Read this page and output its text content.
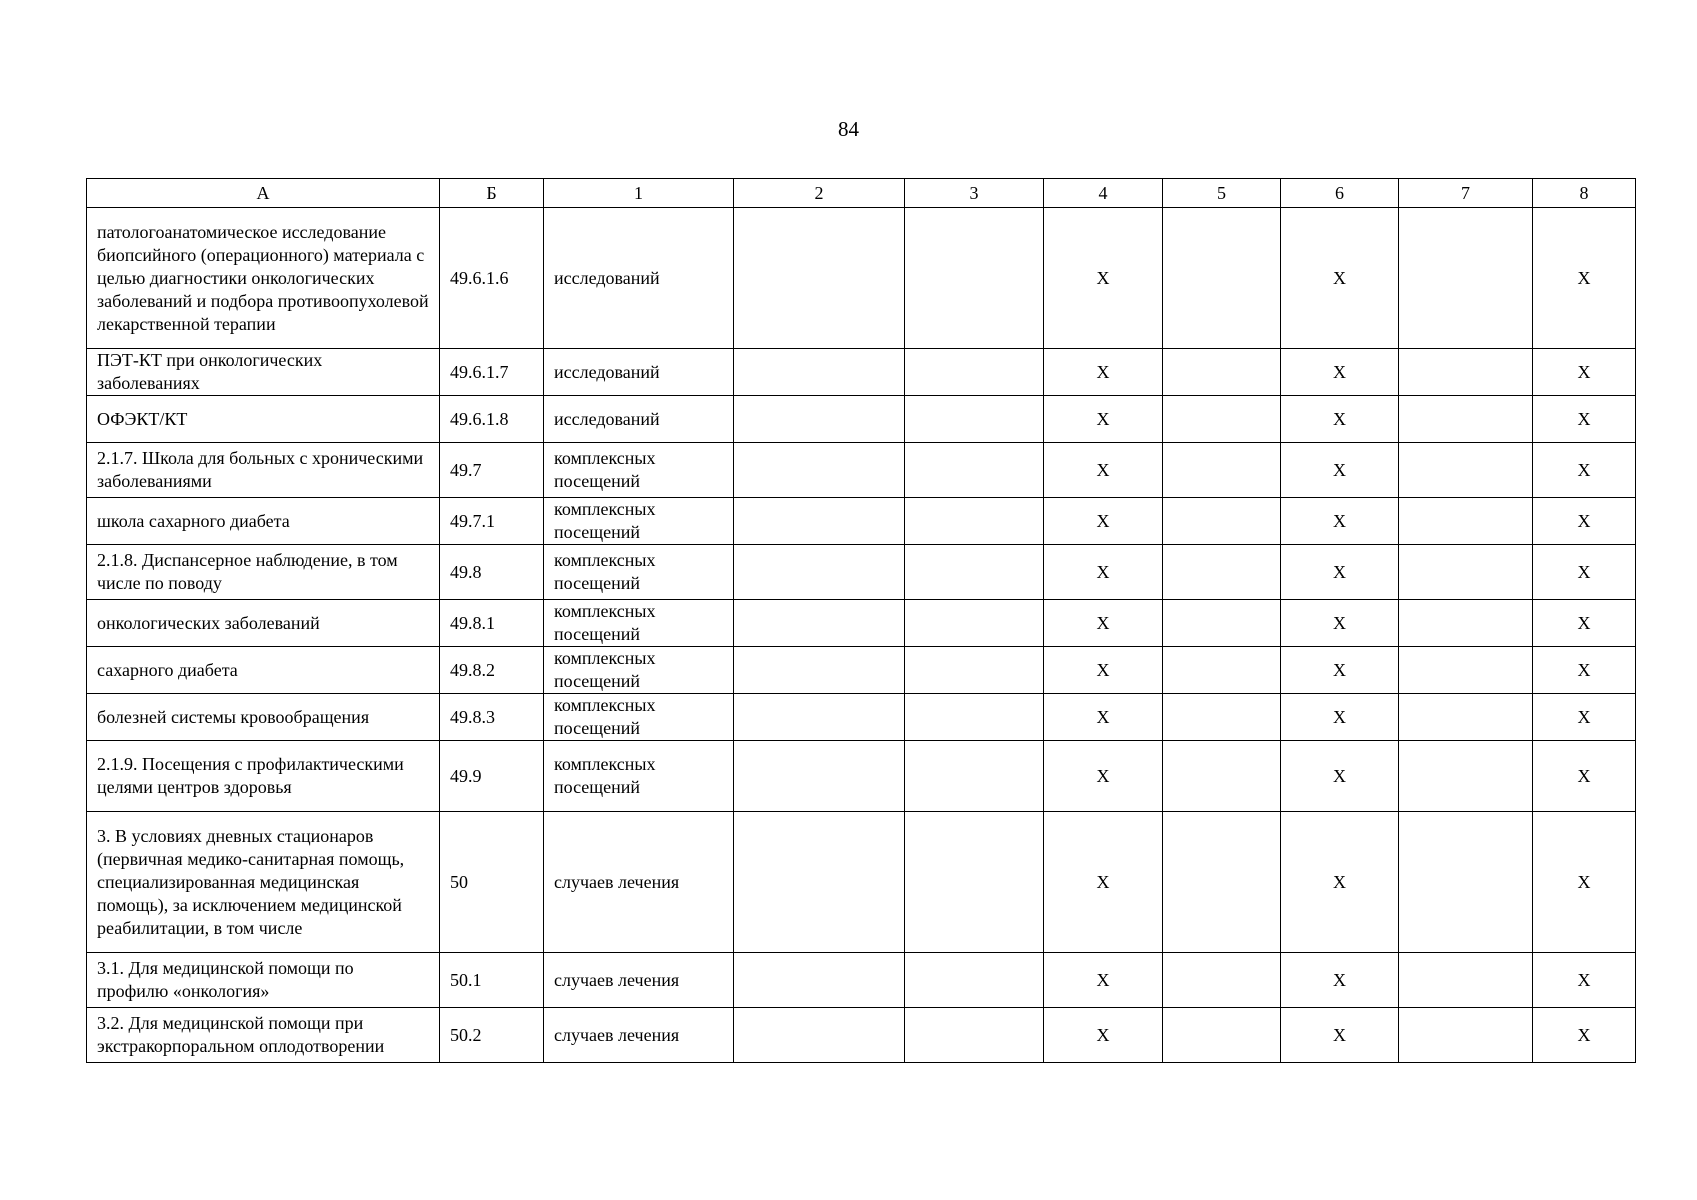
84
А	Б	1	2	3	4	5	6	7	8
патологоанатомическое исследование биопсийного (операционного) материала с целью диагностики онкологических заболеваний и подбора противоопухолевой лекарственной терапии	49.6.1.6	исследований			X		X		X
ПЭТ-КТ при онкологических заболеваниях	49.6.1.7	исследований			X		X		X
ОФЭКТ/КТ	49.6.1.8	исследований			X		X		X
2.1.7. Школа для больных с хроническими заболеваниями	49.7	комплексных посещений			X		X		X
школа сахарного диабета	49.7.1	комплексных посещений			X		X		X
2.1.8. Диспансерное наблюдение, в том числе по поводу	49.8	комплексных посещений			X		X		X
онкологических заболеваний	49.8.1	комплексных посещений			X		X		X
сахарного диабета	49.8.2	комплексных посещений			X		X		X
болезней системы кровообращения	49.8.3	комплексных посещений			X		X		X
2.1.9. Посещения с профилактическими целями центров здоровья	49.9	комплексных посещений			X		X		X
3. В условиях дневных стационаров (первичная медико-санитарная помощь, специализированная медицинская помощь), за исключением медицинской реабилитации, в том числе	50	случаев лечения			X		X		X
3.1. Для медицинской помощи по профилю «онкология»	50.1	случаев лечения			X		X		X
3.2. Для медицинской помощи при экстракорпоральном оплодотворении	50.2	случаев лечения			X		X		X
